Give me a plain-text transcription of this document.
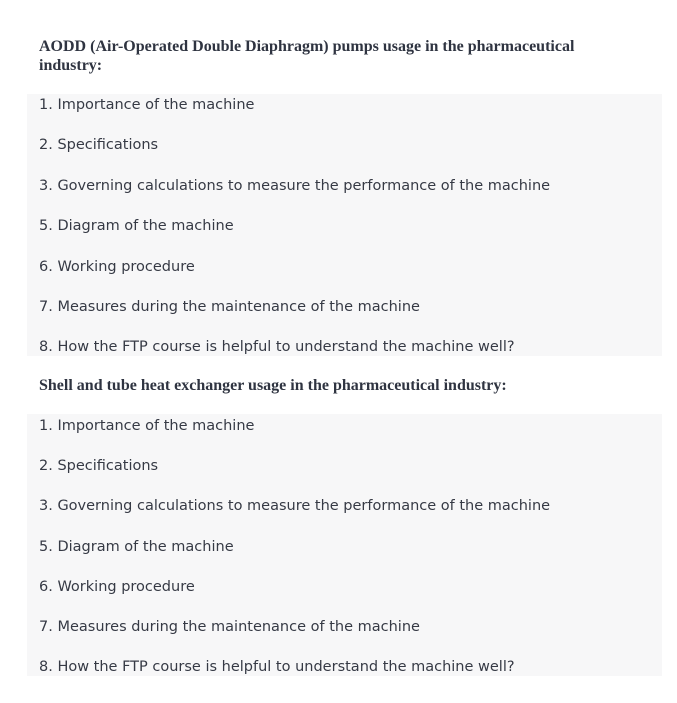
AODD (Air-Operated Double Diaphragm) pumps usage in the pharmaceutical industry:
1. Importance of the machine
2. Specifications
3. Governing calculations to measure the performance of the machine
5. Diagram of the machine
6. Working procedure
7. Measures during the maintenance of the machine
8. How the FTP course is helpful to understand the machine well?
Shell and tube heat exchanger usage in the pharmaceutical industry:
1. Importance of the machine
2. Specifications
3. Governing calculations to measure the performance of the machine
5. Diagram of the machine
6. Working procedure
7. Measures during the maintenance of the machine
8. How the FTP course is helpful to understand the machine well?
